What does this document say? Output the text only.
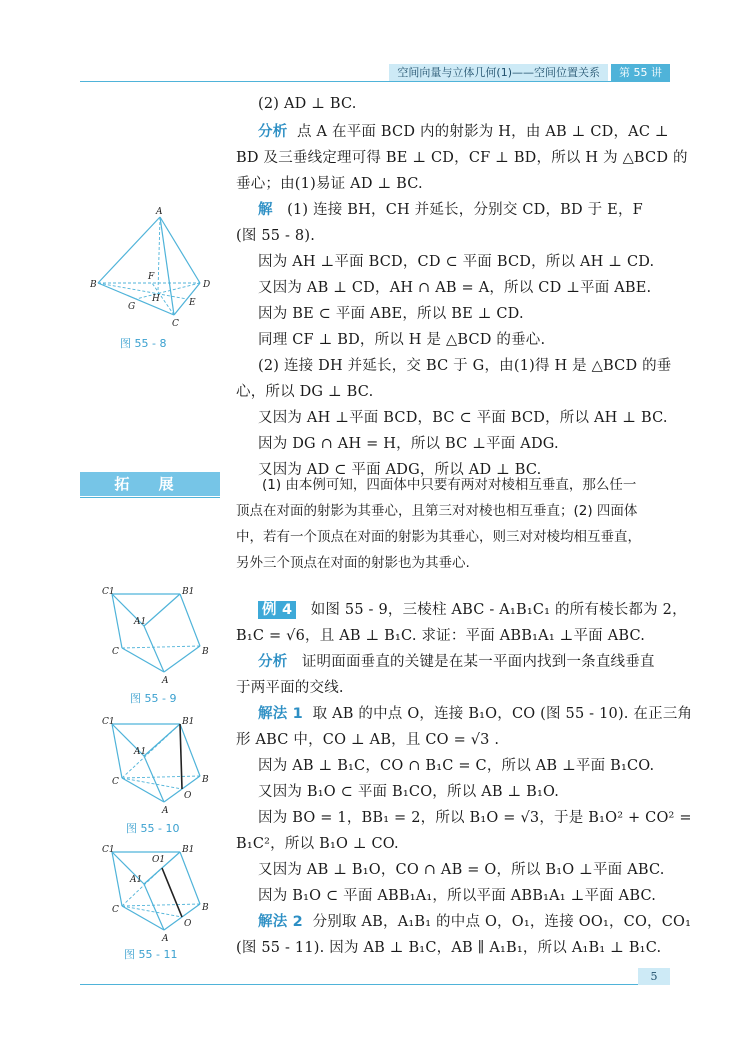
空间向量与立体几何(1)——空间位置关系	第 55 讲
(2) AD ⊥ BC.
分析 点 A 在平面 BCD 内的射影为 H，由 AB ⊥ CD，AC ⊥
BD 及三垂线定理可得 BE ⊥ CD，CF ⊥ BD，所以 H 为 △BCD 的
垂心；由(1)易证 AD ⊥ BC.
解 (1) 连接 BH，CH 并延长，分别交 CD，BD 于 E，F
(图 55 - 8).
因为 AH ⊥平面 BCD，CD ⊂ 平面 BCD，所以 AH ⊥ CD.
又因为 AB ⊥ CD，AH ∩ AB = A，所以 CD ⊥平面 ABE.
因为 BE ⊂ 平面 ABE，所以 BE ⊥ CD.
同理 CF ⊥ BD，所以 H 是 △BCD 的垂心.
(2) 连接 DH 并延长，交 BC 于 G，由(1)得 H 是 △BCD 的垂
心，所以 DG ⊥ BC.
又因为 AH ⊥平面 BCD，BC ⊂ 平面 BCD，所以 AH ⊥ BC.
因为 DG ∩ AH = H，所以 BC ⊥平面 ADG.
又因为 AD ⊂ 平面 ADG，所以 AD ⊥ BC.
A
B	D
F
H	E
G
C
图 55 - 8
拓 展	(1) 由本例可知，四面体中只要有两对对棱相互垂直，那么任一
顶点在对面的射影为其垂心，且第三对对棱也相互垂直；(2) 四面体
中，若有一个顶点在对面的射影为其垂心，则三对对棱均相互垂直，
另外三个顶点在对面的射影也为其垂心.
C1	B1
A1
C	B
A
图 55 - 9
C1	B1
A1
C	B
O
A
图 55 - 10
C1
O1
B1
A1
C	B
O
A
图 55 - 11
例 4 如图 55 - 9，三棱柱 ABC - A₁B₁C₁ 的所有棱长都为 2，
B₁C = √6，且 AB ⊥ B₁C. 求证：平面 ABB₁A₁ ⊥平面 ABC.
分析 证明面面垂直的关键是在某一平面内找到一条直线垂直
于两平面的交线.
解法 1 取 AB 的中点 O，连接 B₁O，CO (图 55 - 10). 在正三角
形 ABC 中，CO ⊥ AB，且 CO = √3 .
因为 AB ⊥ B₁C，CO ∩ B₁C = C，所以 AB ⊥平面 B₁CO.
又因为 B₁O ⊂ 平面 B₁CO，所以 AB ⊥ B₁O.
因为 BO = 1，BB₁ = 2，所以 B₁O = √3，于是 B₁O² + CO² =
B₁C²，所以 B₁O ⊥ CO.
又因为 AB ⊥ B₁O，CO ∩ AB = O，所以 B₁O ⊥平面 ABC.
因为 B₁O ⊂ 平面 ABB₁A₁，所以平面 ABB₁A₁ ⊥平面 ABC.
解法 2 分别取 AB，A₁B₁ 的中点 O，O₁，连接 OO₁，CO，CO₁
(图 55 - 11). 因为 AB ⊥ B₁C，AB ∥ A₁B₁，所以 A₁B₁ ⊥ B₁C.
5
